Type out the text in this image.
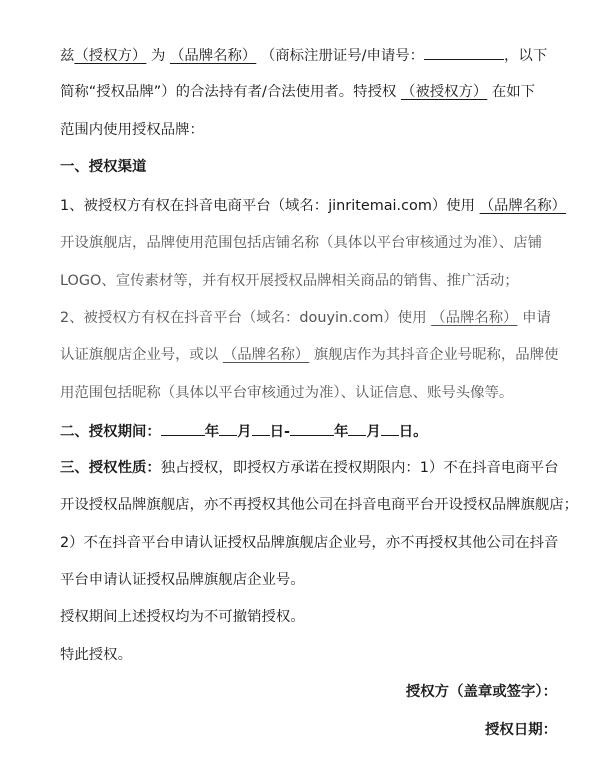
兹（授权方） 为 （品牌名称） （商标注册证号/申请号：	，以下
简称“授权品牌”）的合法持有者/合法使用者。特授权 （被授权方） 在如下
范围内使用授权品牌：
一、授权渠道
1、被授权方有权在抖音电商平台（域名：jinritemai.com）使用 （品牌名称）
开设旗舰店，品牌使用范围包括店铺名称（具体以平台审核通过为准）、店铺
LOGO、宣传素材等，并有权开展授权品牌相关商品的销售、推广活动；
2、被授权方有权在抖音平台（域名：douyin.com）使用 （品牌名称） 申请
认证旗舰店企业号，或以 （品牌名称） 旗舰店作为其抖音企业号昵称，品牌使
用范围包括昵称（具体以平台审核通过为准）、认证信息、账号头像等。
二、授权期间：	年 月 日-	年 月 日。
三、授权性质：独占授权，即授权方承诺在授权期限内：1）不在抖音电商平台
开设授权品牌旗舰店，亦不再授权其他公司在抖音电商平台开设授权品牌旗舰店；
2）不在抖音平台申请认证授权品牌旗舰店企业号，亦不再授权其他公司在抖音
平台申请认证授权品牌旗舰店企业号。
授权期间上述授权均为不可撤销授权。
特此授权。
授权方（盖章或签字）：
授权日期：
